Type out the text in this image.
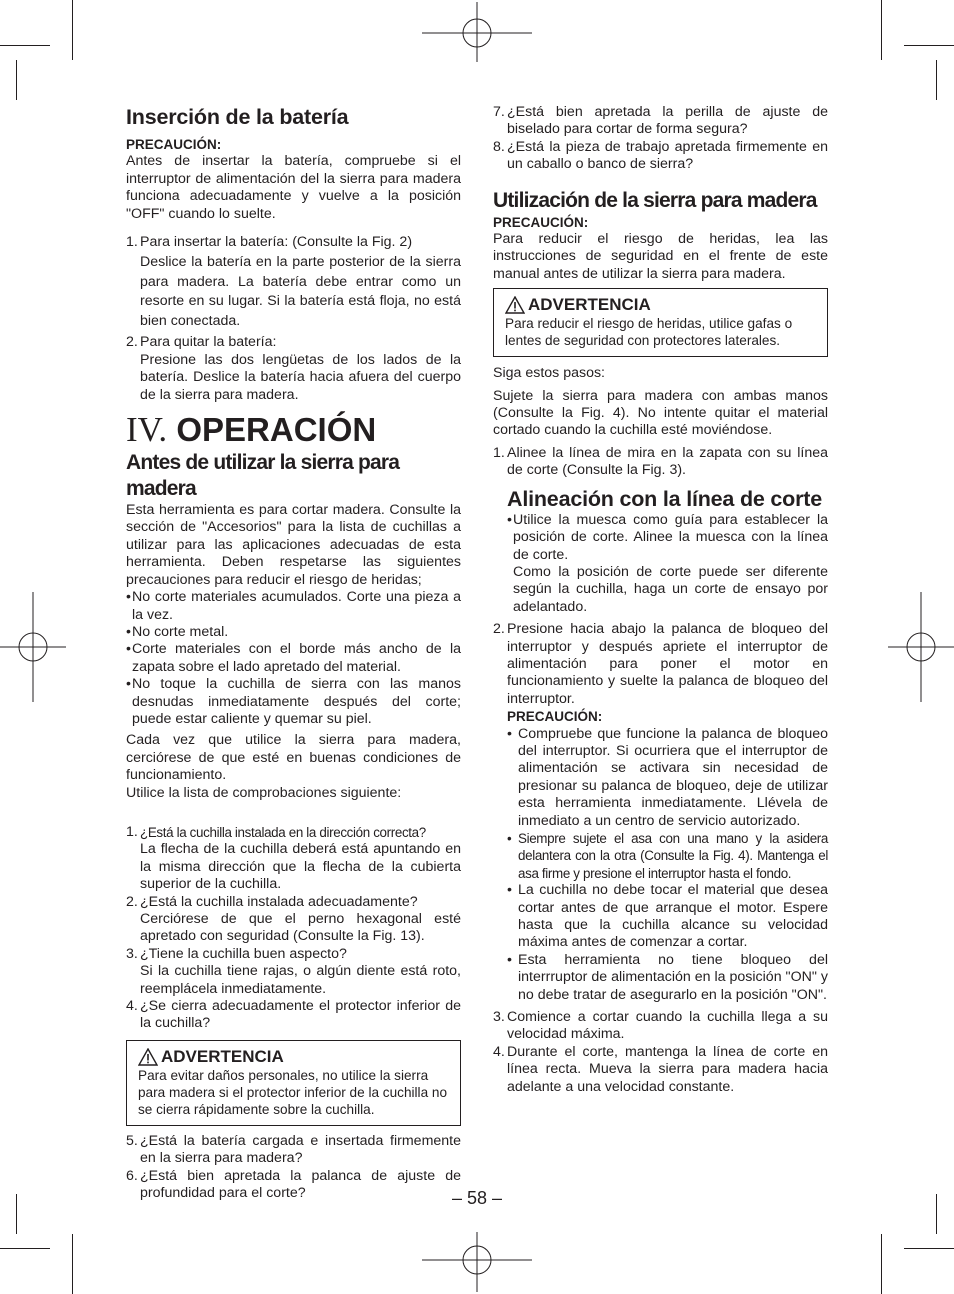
Inserción de la batería
PRECAUCIÓN:

Antes de insertar la batería, compruebe si el interruptor de alimentación del la sierra para madera funciona adecuadamente y vuelve a la posición "OFF" cuando lo suelte.

1. Para insertar la batería: (Consulte la Fig. 2)
Deslice la batería en la parte posterior de la sierra para madera. La batería debe entrar como un resorte en su lugar. Si la batería está floja, no está bien conectada.
2. Para quitar la batería:
Presione las dos lengüetas de los lados de la batería. Deslice la batería hacia afuera del cuerpo de la sierra para madera.
IV. OPERACIÓN
Antes de utilizar la sierra para madera

Esta herramienta es para cortar madera. Consulte la sección de "Accesorios" para la lista de cuchillas a utilizar para las aplicaciones adecuadas de esta herramienta. Deben respetarse las siguientes precauciones para reducir el riesgo de heridas;

• No corte materiales acumulados. Corte una pieza a la vez.
• No corte metal.
• Corte materiales con el borde más ancho de la zapata sobre el lado apretado del material.
• No toque la cuchilla de sierra con las manos desnudas inmediatamente después del corte; puede estar caliente y quemar su piel.

Cada vez que utilice la sierra para madera, cerciórese de que esté en buenas condiciones de funcionamiento.

Utilice la lista de comprobaciones siguiente:

1. ¿Está la cuchilla instalada en la dirección correcta?
La flecha de la cuchilla deberá está apuntando en la misma dirección que la flecha de la cubierta superior de la cuchilla.
2. ¿Está la cuchilla instalada adecuadamente?
Cerciórese de que el perno hexagonal esté apretado con seguridad (Consulte la Fig. 13).
3. ¿Tiene la cuchilla buen aspecto?
Si la cuchilla tiene rajas, o algún diente está roto, reemplácela inmediatamente.
4. ¿Se cierra adecuadamente el protector inferior de la cuchilla?
ADVERTENCIA
Para evitar daños personales, no utilice la sierra para madera si el protector inferior de la cuchilla no se cierra rápidamente sobre la cuchilla.
5. ¿Está la batería cargada e insertada firmemente en la sierra para madera?
6. ¿Está bien apretada la palanca de ajuste de profundidad para el corte?
7. ¿Está bien apretada la perilla de ajuste de biselado para cortar de forma segura?
8. ¿Está la pieza de trabajo apretada firmemente en un caballo o banco de sierra?
Utilización de la sierra para madera
PRECAUCIÓN:

Para reducir el riesgo de heridas, lea las instrucciones de seguridad en el frente de este manual antes de utilizar la sierra para madera.

ADVERTENCIA
Para reducir el riesgo de heridas, utilice gafas o lentes de seguridad con protectores laterales.

Siga estos pasos:

Sujete la sierra para madera con ambas manos (Consulte la Fig. 4). No intente quitar el material cortado cuando la cuchilla esté moviéndose.

1. Alinee la línea de mira en la zapata con su línea de corte (Consulte la Fig. 3).
Alineación con la línea de corte
• Utilice la muesca como guía para establecer la posición de corte. Alinee la muesca con la línea de corte.

Como la posición de corte puede ser diferente según la cuchilla, haga un corte de ensayo por adelantado.

2. Presione hacia abajo la palanca de bloqueo del interruptor y después apriete el interruptor de alimentación para poner el motor en funcionamiento y suelte la palanca de bloqueo del interruptor.
PRECAUCIÓN:
• Compruebe que funcione la palanca de bloqueo del interruptor. Si ocurriera que el interruptor de alimentación se activara sin necesidad de presionar su palanca de bloqueo, deje de utilizar esta herramienta inmediatamente. Llévela de inmediato a un centro de servicio autorizado.
• Siempre sujete el asa con una mano y la asidera delantera con la otra (Consulte la Fig. 4). Mantenga el asa firme y presione el interruptor hasta el fondo.
• La cuchilla no debe tocar el material que desea cortar antes de que arranque el motor. Espere hasta que la cuchilla alcance su velocidad máxima antes de comenzar a cortar.
• Esta herramienta no tiene bloqueo del interrruptor de alimentación en la posición "ON" y no debe tratar de asegurarlo en la posición "ON".
3. Comience a cortar cuando la cuchilla llega a su velocidad máxima.
4. Durante el corte, mantenga la línea de corte en línea recta. Mueva la sierra para madera hacia adelante a una velocidad constante.
– 58 –
